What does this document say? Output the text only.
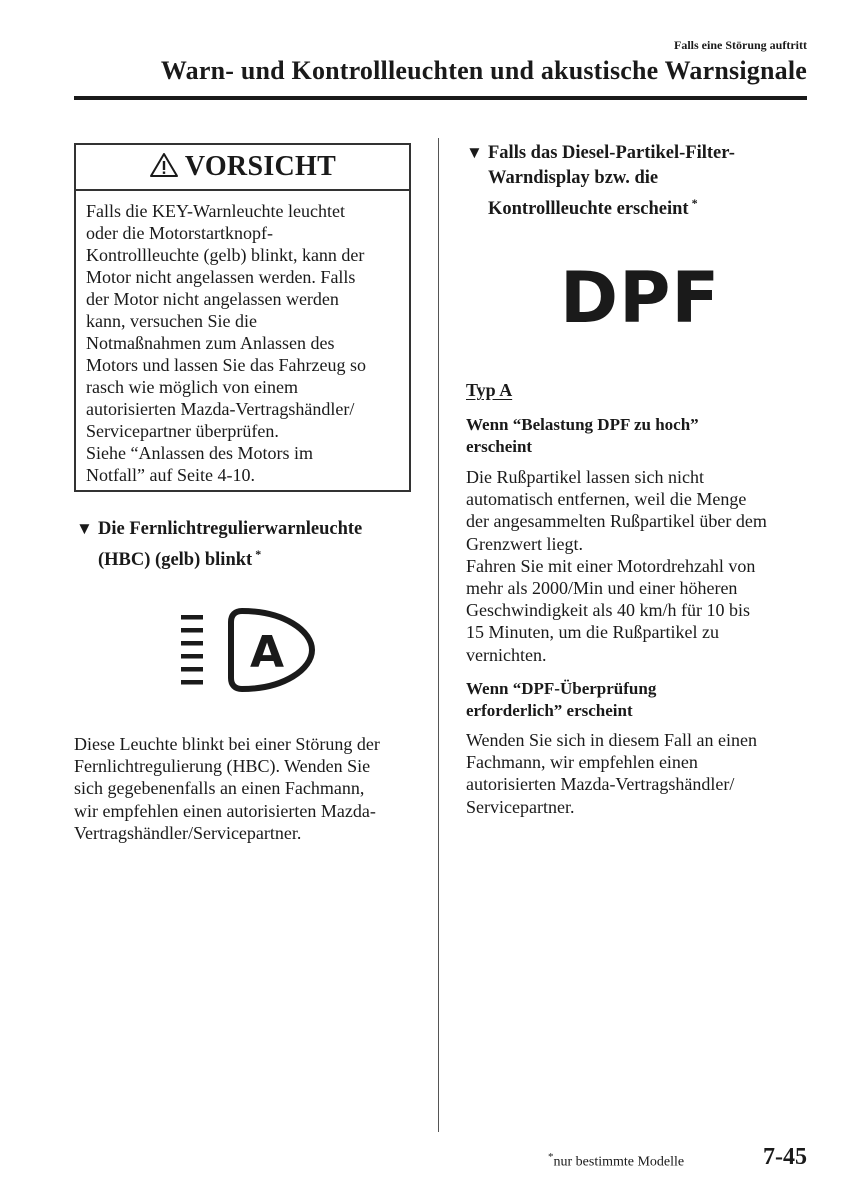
Falls eine Störung auftritt
Warn- und Kontrollleuchten und akustische Warnsignale
VORSICHT
Falls die KEY-Warnleuchte leuchtet
oder die Motorstartknopf-
Kontrollleuchte (gelb) blinkt, kann der
Motor nicht angelassen werden. Falls
der Motor nicht angelassen werden
kann, versuchen Sie die
Notmaßnahmen zum Anlassen des
Motors und lassen Sie das Fahrzeug so
rasch wie möglich von einem
autorisierten Mazda-Vertragshändler/
Servicepartner überprüfen.
Siehe “Anlassen des Motors im
Notfall” auf Seite 4-10.
▼ Die Fernlichtregulierwarnleuchte
(HBC) (gelb) blinkt *
A
Diese Leuchte blinkt bei einer Störung der
Fernlichtregulierung (HBC). Wenden Sie
sich gegebenenfalls an einen Fachmann,
wir empfehlen einen autorisierten Mazda-
Vertragshändler/Servicepartner.
▼ Falls das Diesel-Partikel-Filter-
Warndisplay bzw. die
Kontrollleuchte erscheint *
DPF
Typ A
Wenn “Belastung DPF zu hoch”
erscheint
Die Rußpartikel lassen sich nicht
automatisch entfernen, weil die Menge
der angesammelten Rußpartikel über dem
Grenzwert liegt.
Fahren Sie mit einer Motordrehzahl von
mehr als 2000/Min und einer höheren
Geschwindigkeit als 40 km/h für 10 bis
15 Minuten, um die Rußpartikel zu
vernichten.
Wenn “DPF-Überprüfung
erforderlich” erscheint
Wenden Sie sich in diesem Fall an einen
Fachmann, wir empfehlen einen
autorisierten Mazda-Vertragshändler/
Servicepartner.
*nur bestimmte Modelle	7-45
